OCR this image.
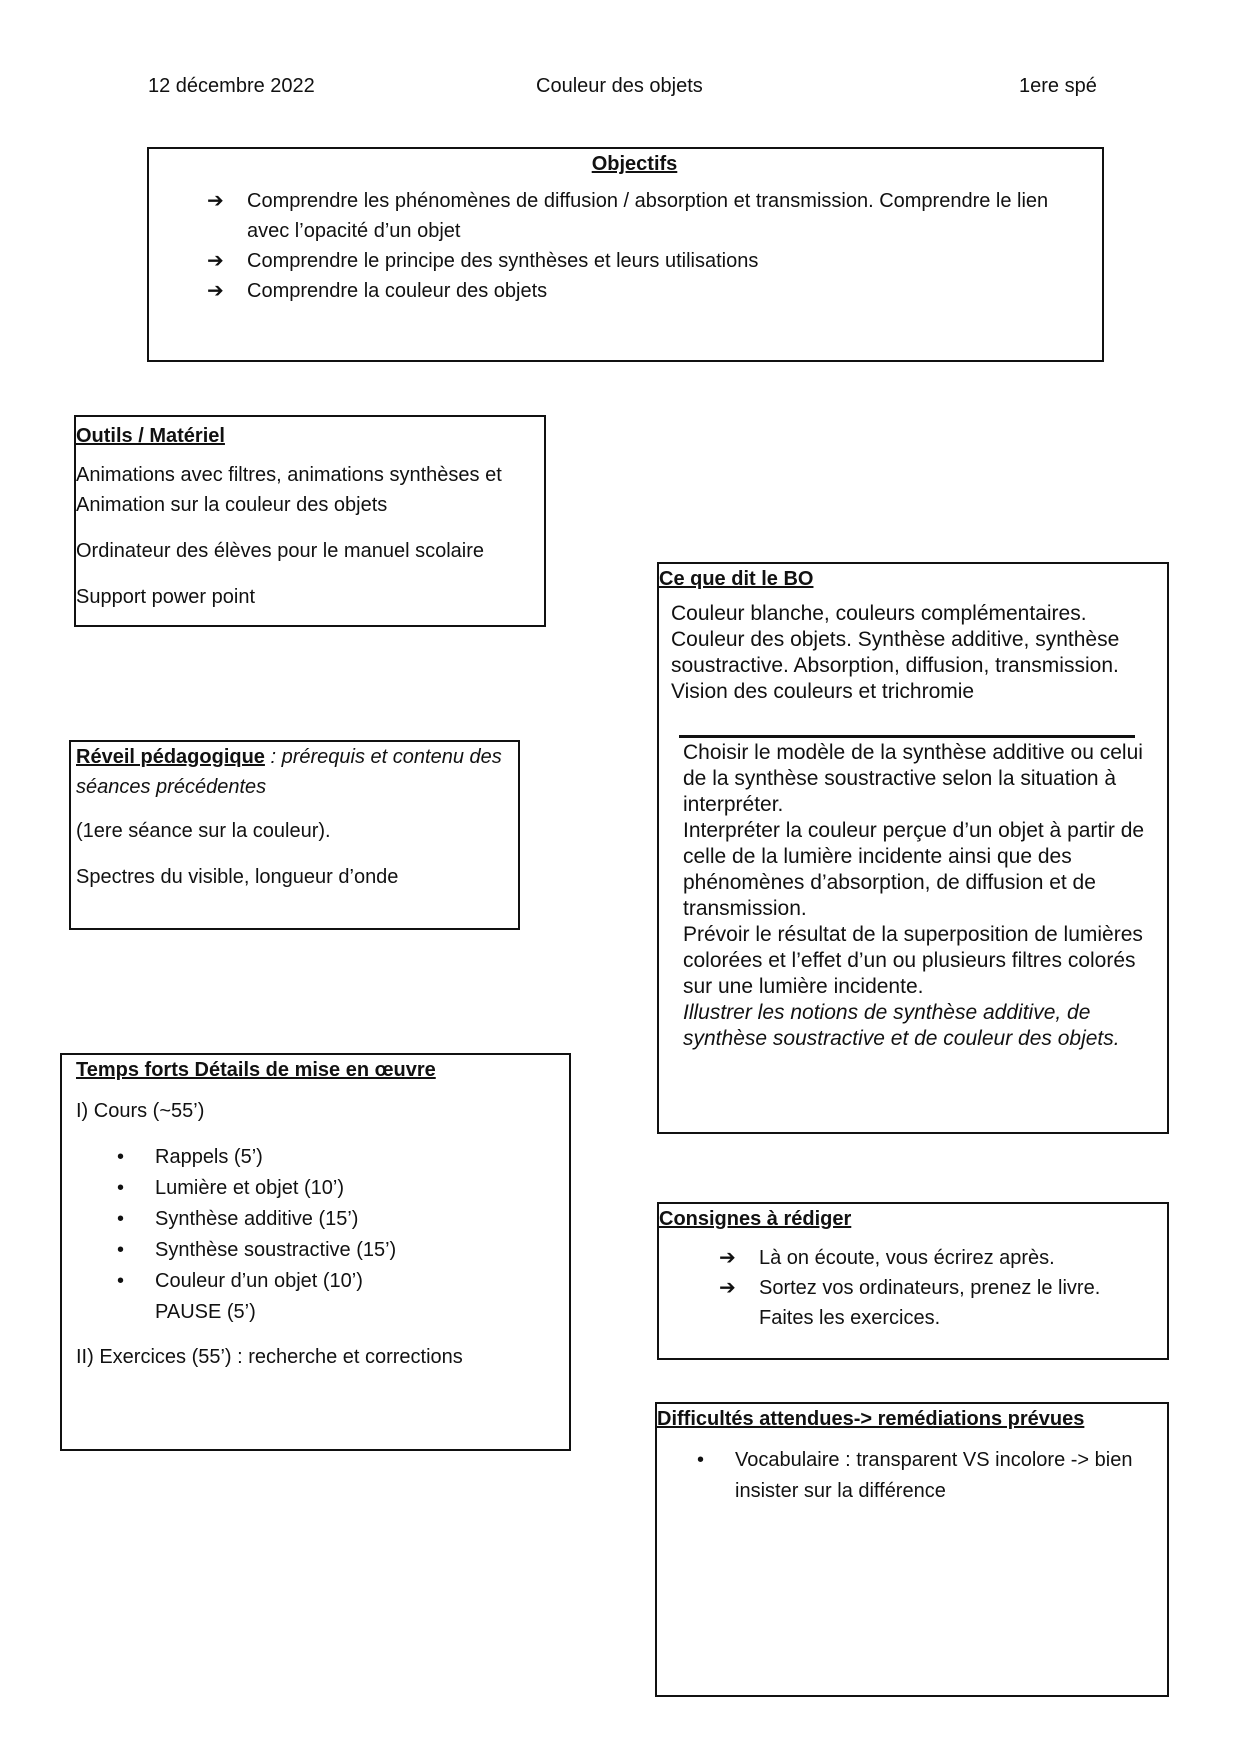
12 décembre 2022	Couleur des objets	1ere spé
Objectifs
➔ Comprendre les phénomènes de diffusion / absorption et transmission. Comprendre le lien avec l’opacité d’un objet
➔ Comprendre le principe des synthèses et leurs utilisations
➔ Comprendre la couleur des objets
Outils / Matériel

Animations avec filtres, animations synthèses et Animation sur la couleur des objets

Ordinateur des élèves pour le manuel scolaire

Support power point

Réveil pédagogique : prérequis et contenu des séances précédentes

(1ere séance sur la couleur).

Spectres du visible, longueur d’onde

Temps forts Détails de mise en œuvre

I) Cours (~55’)

• Rappels (5’)
• Lumière et objet (10’)
• Synthèse additive (15’)
• Synthèse soustractive (15’)
• Couleur d’un objet (10’)
PAUSE (5’)

II) Exercices (55’) : recherche et corrections

Ce que dit le BO

Couleur blanche, couleurs complémentaires. Couleur des objets. Synthèse additive, synthèse soustractive. Absorption, diffusion, transmission.

Vision des couleurs et trichromie

Choisir le modèle de la synthèse additive ou celui de la synthèse soustractive selon la situation à interpréter.

Interpréter la couleur perçue d’un objet à partir de celle de la lumière incidente ainsi que des phénomènes d’absorption, de diffusion et de transmission.

Prévoir le résultat de la superposition de lumières colorées et l’effet d’un ou plusieurs filtres colorés sur une lumière incidente.

Illustrer les notions de synthèse additive, de synthèse soustractive et de couleur des objets.

Consignes à rédiger
➔ Là on écoute, vous écrirez après.
➔ Sortez vos ordinateurs, prenez le livre. Faites les exercices.
Difficultés attendues-> remédiations prévues
• Vocabulaire : transparent VS incolore -> bien insister sur la différence
